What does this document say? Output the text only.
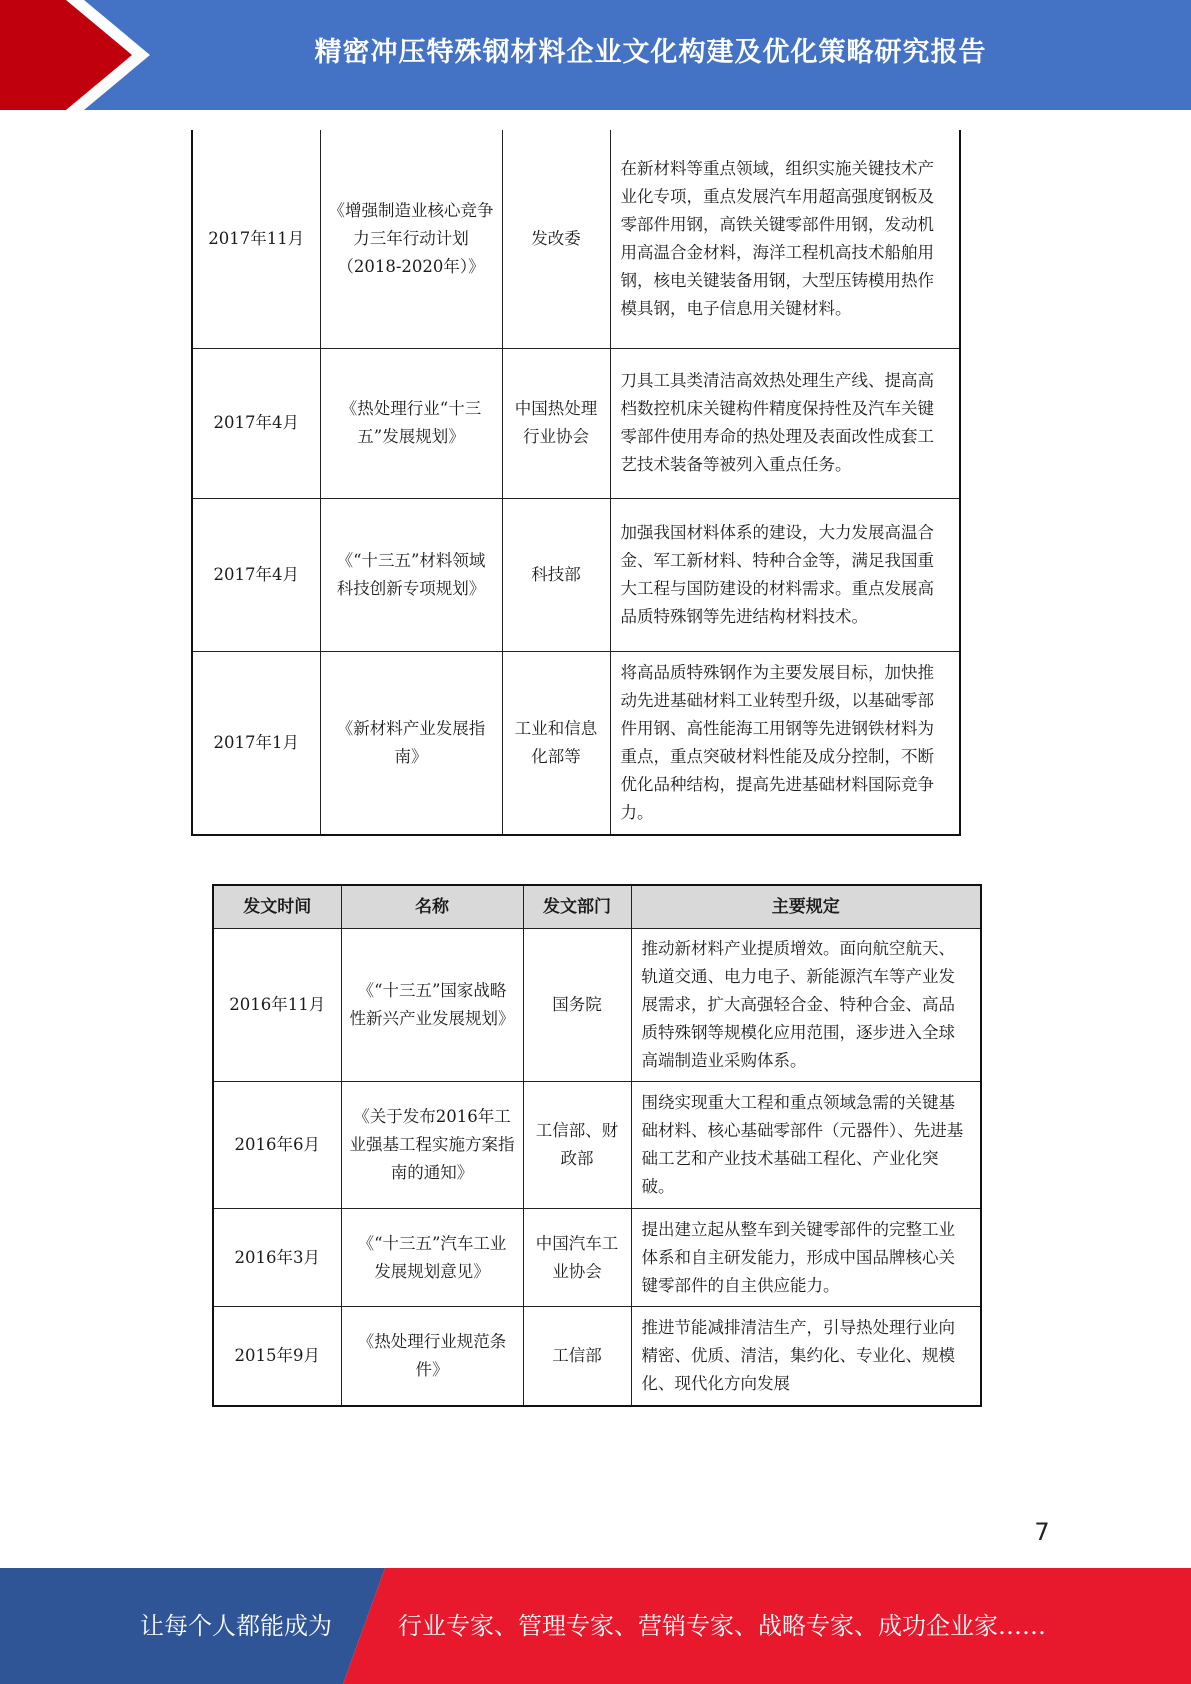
精密冲压特殊钢材料企业文化构建及优化策略研究报告
2017年11月	《增强制造业核心竞争力三年行动计划（2018-2020年）》	发改委	在新材料等重点领域，组织实施关键技术产业化专项，重点发展汽车用超高强度钢板及零部件用钢，高铁关键零部件用钢，发动机用高温合金材料，海洋工程机高技术船舶用钢，核电关键装备用钢，大型压铸模用热作模具钢，电子信息用关键材料。
2017年4月	《热处理行业“十三五”发展规划》	中国热处理行业协会	刀具工具类清洁高效热处理生产线、提高高档数控机床关键构件精度保持性及汽车关键零部件使用寿命的热处理及表面改性成套工艺技术装备等被列入重点任务。
2017年4月	《“十三五”材料领域科技创新专项规划》	科技部	加强我国材料体系的建设，大力发展高温合金、军工新材料、特种合金等，满足我国重大工程与国防建设的材料需求。重点发展高品质特殊钢等先进结构材料技术。
2017年1月	《新材料产业发展指南》	工业和信息化部等	将高品质特殊钢作为主要发展目标，加快推动先进基础材料工业转型升级，以基础零部件用钢、高性能海工用钢等先进钢铁材料为重点，重点突破材料性能及成分控制，不断优化品种结构，提高先进基础材料国际竞争力。
发文时间	名称	发文部门	主要规定
2016年11月	《“十三五”国家战略性新兴产业发展规划》	国务院	推动新材料产业提质增效。面向航空航天、轨道交通、电力电子、新能源汽车等产业发展需求，扩大高强轻合金、特种合金、高品质特殊钢等规模化应用范围，逐步进入全球高端制造业采购体系。
2016年6月	《关于发布2016年工业强基工程实施方案指南的通知》	工信部、财政部	围绕实现重大工程和重点领域急需的关键基础材料、核心基础零部件（元器件）、先进基础工艺和产业技术基础工程化、产业化突破。
2016年3月	《“十三五”汽车工业发展规划意见》	中国汽车工业协会	提出建立起从整车到关键零部件的完整工业体系和自主研发能力，形成中国品牌核心关键零部件的自主供应能力。
2015年9月	《热处理行业规范条件》	工信部	推进节能减排清洁生产，引导热处理行业向精密、优质、清洁，集约化、专业化、规模化、现代化方向发展
7
让每个人都能成为	行业专家、管理专家、营销专家、战略专家、成功企业家……
